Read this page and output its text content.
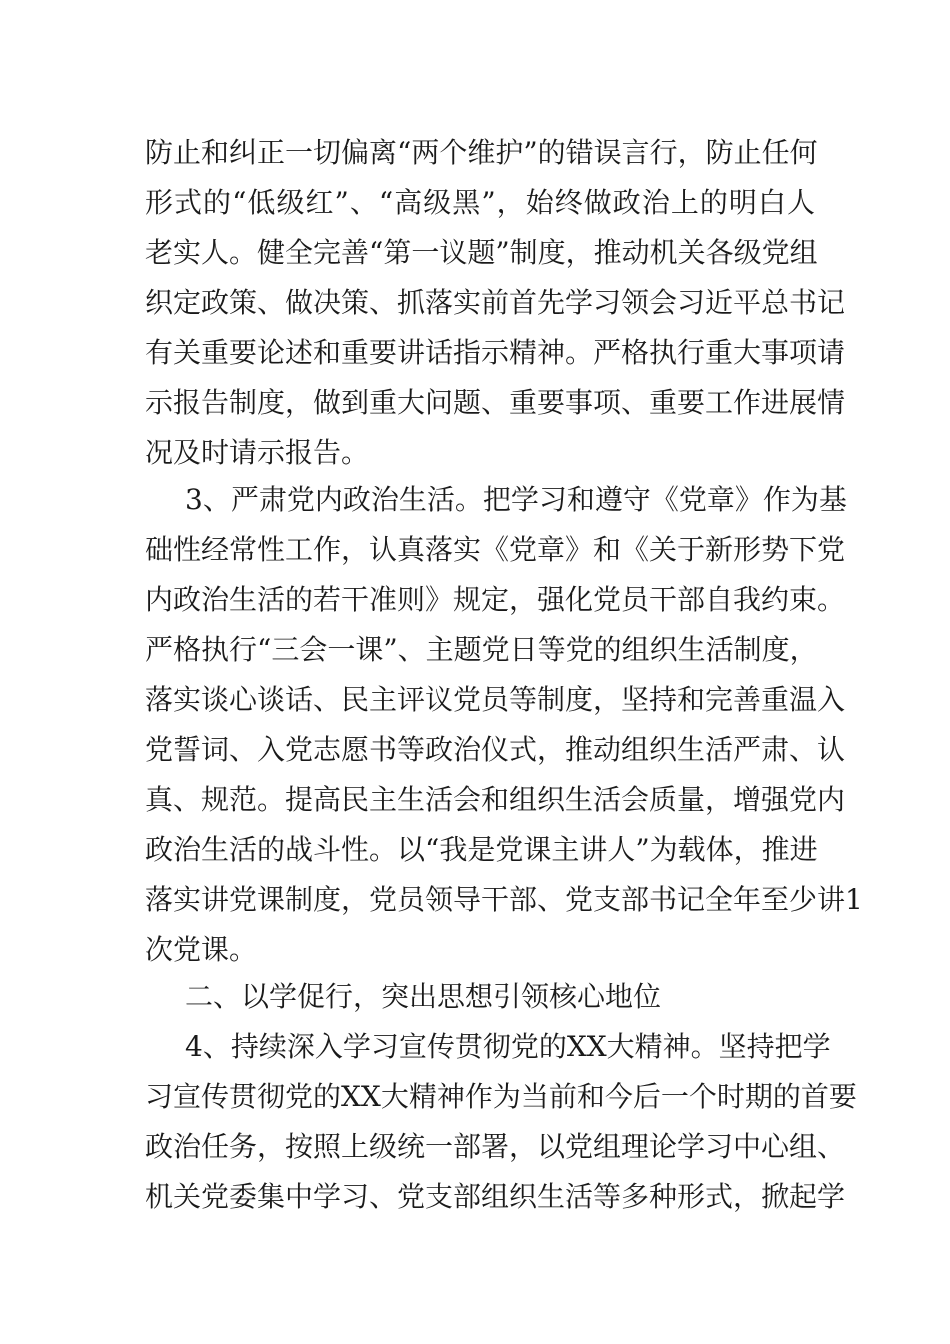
防止和纠正一切偏离“两个维护”的错误言行，防止任何
形式的“低级红”、“高级黑”，始终做政治上的明白人
老实人。健全完善“第一议题”制度，推动机关各级党组
织定政策、做决策、抓落实前首先学习领会习近平总书记
有关重要论述和重要讲话指示精神。严格执行重大事项请
示报告制度，做到重大问题、重要事项、重要工作进展情
况及时请示报告。
3、严肃党内政治生活。把学习和遵守《党章》作为基
础性经常性工作，认真落实《党章》和《关于新形势下党
内政治生活的若干准则》规定，强化党员干部自我约束。
严格执行“三会一课”、主题党日等党的组织生活制度，
落实谈心谈话、民主评议党员等制度，坚持和完善重温入
党誓词、入党志愿书等政治仪式，推动组织生活严肃、认
真、规范。提高民主生活会和组织生活会质量，增强党内
政治生活的战斗性。以“我是党课主讲人”为载体，推进
落实讲党课制度，党员领导干部、党支部书记全年至少讲1
次党课。
二、以学促行，突出思想引领核心地位
4、持续深入学习宣传贯彻党的XX大精神。坚持把学
习宣传贯彻党的XX大精神作为当前和今后一个时期的首要
政治任务，按照上级统一部署，以党组理论学习中心组、
机关党委集中学习、党支部组织生活等多种形式，掀起学
